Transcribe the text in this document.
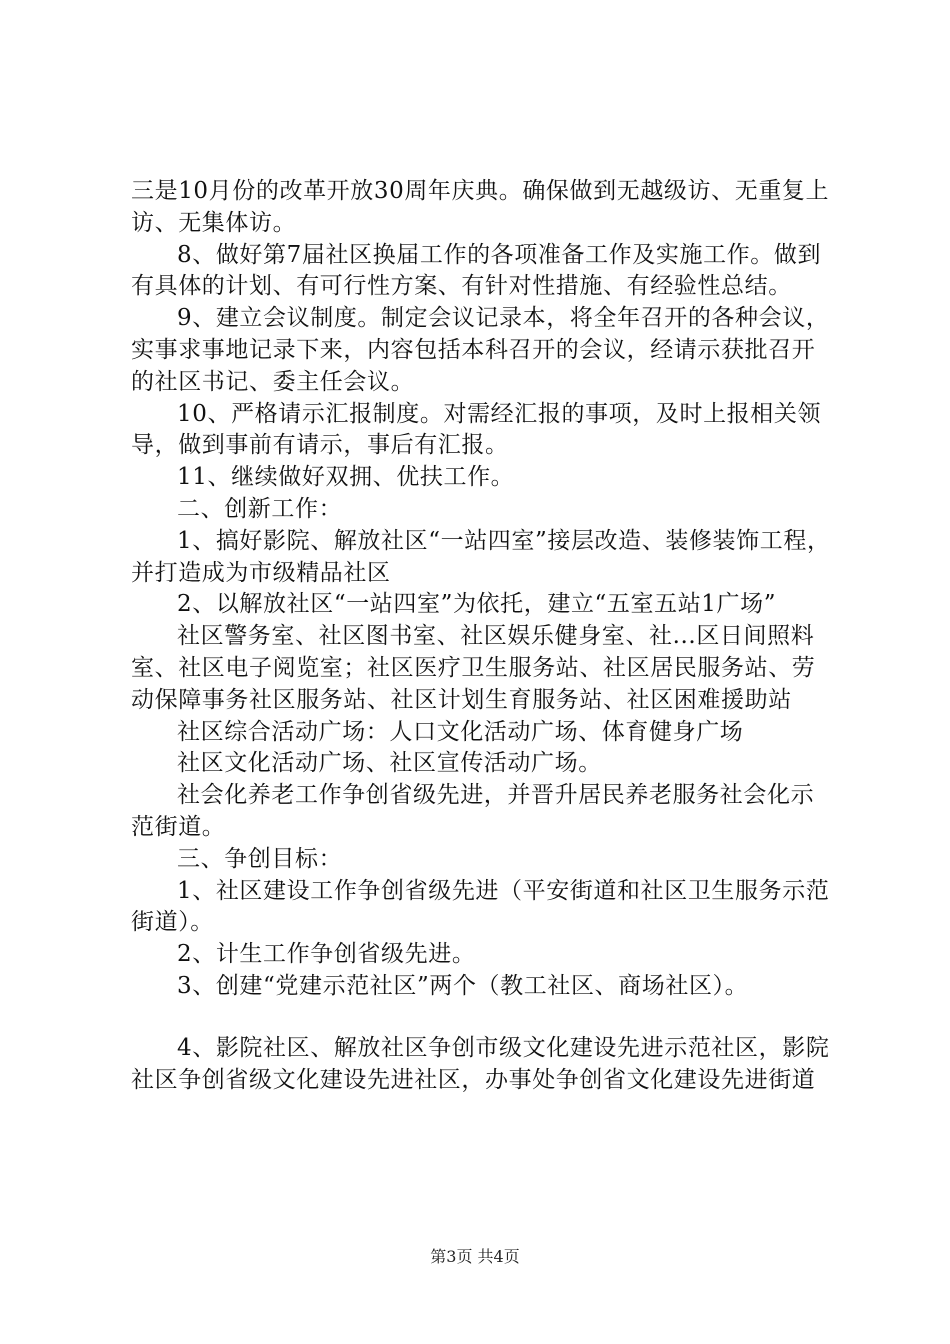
三是10月份的改革开放30周年庆典。确保做到无越级访、无重复上访、无集体访。

8、做好第7届社区换届工作的各项准备工作及实施工作。做到有具体的计划、有可行性方案、有针对性措施、有经验性总结。

9、建立会议制度。制定会议记录本，将全年召开的各种会议，实事求事地记录下来，内容包括本科召开的会议，经请示获批召开的社区书记、委主任会议。

10、严格请示汇报制度。对需经汇报的事项，及时上报相关领导，做到事前有请示，事后有汇报。

11、继续做好双拥、优扶工作。

二、创新工作：

1、搞好影院、解放社区“一站四室”接层改造、装修装饰工程，并打造成为市级精品社区

2、以解放社区“一站四室”为依托，建立“五室五站1广场”

社区警务室、社区图书室、社区娱乐健身室、社...区日间照料室、社区电子阅览室；社区医疗卫生服务站、社区居民服务站、劳动保障事务社区服务站、社区计划生育服务站、社区困难援助站

社区综合活动广场：人口文化活动广场、体育健身广场

社区文化活动广场、社区宣传活动广场。

社会化养老工作争创省级先进，并晋升居民养老服务社会化示范街道。

三、争创目标：

1、社区建设工作争创省级先进（平安街道和社区卫生服务示范街道）。

2、计生工作争创省级先进。

3、创建“党建示范社区”两个（教工社区、商场社区）。

4、影院社区、解放社区争创市级文化建设先进示范社区，影院社区争创省级文化建设先进社区，办事处争创省文化建设先进街道

第3页 共4页
